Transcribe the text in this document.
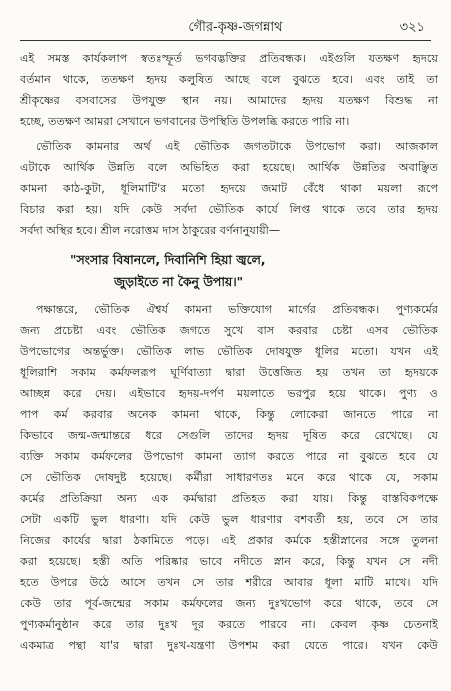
গৌর-কৃষ্ণ-জগন্নাথ	৩২১
এই সমস্ত কার্যকলাপ স্বতঃস্ফূর্ত ভগবদ্ভক্তির প্রতিবন্ধক। এইগুলি যতক্ষণ হৃদয়ে
বর্তমান থাকে, ততক্ষণ হৃদয় কলুষিত আছে বলে বুঝতে হবে। এবং তাই তা
শ্রীকৃষ্ণের বসবাসের উপযুক্ত স্থান নয়। আমাদের হৃদয় যতক্ষণ বিশুদ্ধ না
হচ্ছে, ততক্ষণ আমরা সেখানে ভগবানের উপস্থিতি উপলব্ধি করতে পারি না।
ভৌতিক কামনার অর্থ এই ভৌতিক জগতটাকে উপভোগ করা। আজকাল
এটাকে আর্থিক উন্নতি বলে অভিহিত করা হয়েছে। আর্থিক উন্নতির অবাঞ্ছিত
কামনা কাঠ-কুটা, ধূলিমাটি'র মতো হৃদয়ে জমাট বেঁধে থাকা ময়লা রূপে
বিচার করা হয়। যদি কেউ সর্বদা ভৌতিক কার্যে লিপ্ত থাকে তবে তার হৃদয়
সর্বদা অস্থির হবে। শ্রীল নরোত্তম দাস ঠাকুরের বর্ণনানুযায়ী—
"সংসার বিষানলে, দিবানিশি হিয়া জ্বলে,
জুড়াইতে না কৈনু উপায়।"
পক্ষান্তরে, ভৌতিক ঐশ্বর্য কামনা ভক্তিযোগ মার্গের প্রতিবন্ধক। পুণ্যকর্মের
জন্য প্রচেষ্টা এবং ভৌতিক জগতে সুখে বাস করবার চেষ্টা এসব ভৌতিক
উপভোগের অন্তর্ভুক্ত। ভৌতিক লাভ ভৌতিক দোষযুক্ত ধূলির মতো। যখন এই
ধূলিরাশি সকাম কর্মফলরূপ ঘূর্ণিবাত্যা দ্বারা উত্তেজিত হয় তখন তা হৃদয়কে
আচ্ছন্ন করে দেয়। এইভাবে হৃদয়-দর্পণ ময়লাতে ভরপুর হয়ে থাকে। পুণ্য ও
পাপ কর্ম করবার অনেক কামনা থাকে, কিন্তু লোকেরা জানতে পারে না
কিভাবে জন্ম-জন্মান্তরে ধরে সেগুলি তাদের হৃদয় দূষিত করে রেখেছে। যে
ব্যক্তি সকাম কর্মফলের উপভোগ কামনা ত্যাগ করতে পারে না বুঝতে হবে যে
সে ভৌতিক দোষদুষ্ট হয়েছে। কর্মীরা সাধারণতঃ মনে করে থাকে যে, সকাম
কর্মের প্রতিক্রিয়া অন্য এক কর্মদ্বারা প্রতিহত করা যায়। কিন্তু বাস্তবিকপক্ষে
সেটা একটি ভুল ধারণা। যদি কেউ ভুল ধারণার বশবর্তী হয়, তবে সে তার
নিজের কার্যের দ্বারা ঠকামিতে পড়ে। এই প্রকার কর্মকে হস্তীস্নানের সঙ্গে তুলনা
করা হয়েছে। হস্তী অতি পরিষ্কার ভাবে নদীতে স্নান করে, কিন্তু যখন সে নদী
হতে উপরে উঠে আসে তখন সে তার শরীরে আবার ধূলা মাটি মাখে। যদি
কেউ তার পূর্ব-জন্মের সকাম কর্মফলের জন্য দুঃখভোগ করে থাকে, তবে সে
পুণ্যকর্মানুষ্ঠান করে তার দুঃখ দূর করতে পারবে না। কেবল কৃষ্ণ চেতনাই
একমাত্র পন্থা যা'র দ্বারা দুঃখ-যন্ত্রণা উপশম করা যেতে পারে। যখন কেউ
